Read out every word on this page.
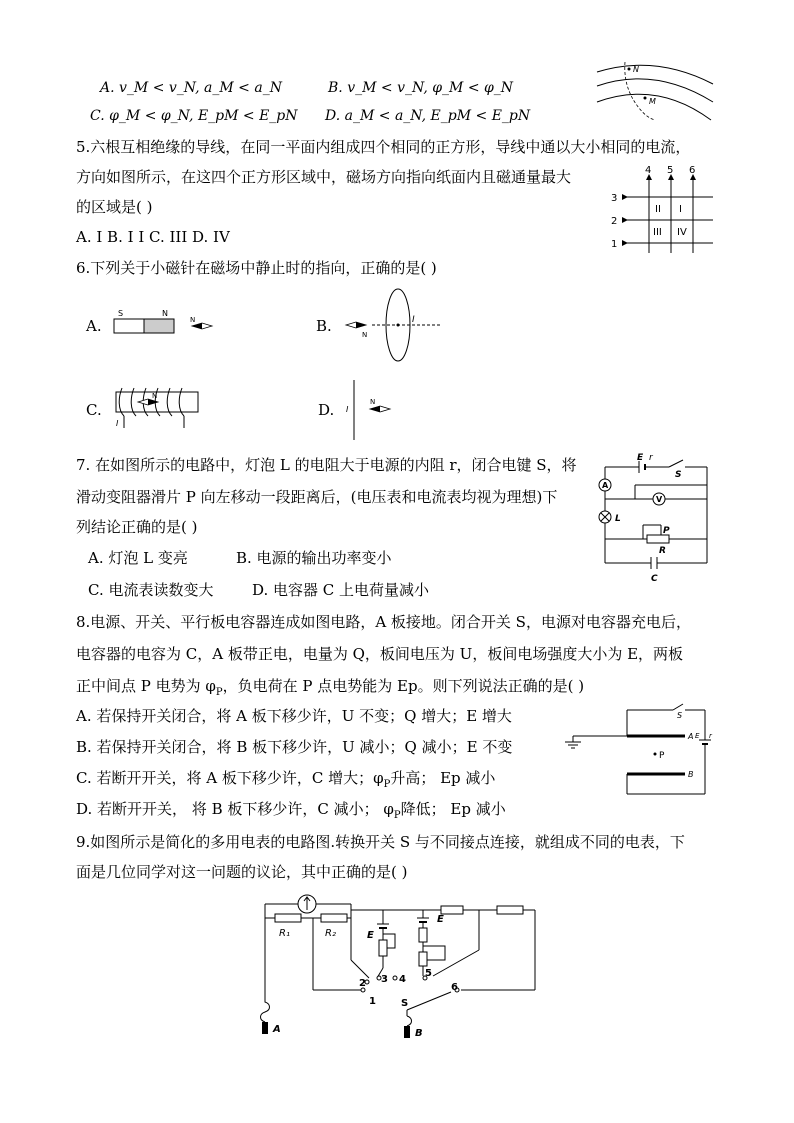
A. v_M < v_N, a_M < a_N	B. v_M < v_N, φ_M < φ_N
C. φ_M < φ_N, E_pM < E_pN D. a_M < a_N, E_pM < E_pN
N
M
5.六根互相绝缘的导线，在同一平面内组成四个相同的正方形，导线中通以大小相同的电流，
方向如图所示，在这四个正方形区域中，磁场方向指向纸面内且磁通量最大
的区域是( )
A. I B. I I C. III D. IV
4 5 6
3
2
1
II I
III IV
6.下列关于小磁针在磁场中静止时的指向，正确的是( )
A.
S	N
N	B.	N
I
C.
N
I
D. I
N
7. 在如图所示的电路中，灯泡 L 的电阻大于电源的内阻 r，闭合电键 S，将
滑动变阻器滑片 P 向左移动一段距离后，(电压表和电流表均视为理想)下
列结论正确的是( )
A. 灯泡 L 变亮	B. 电源的输出功率变小
C. 电流表读数变大	D. 电容器 C 上电荷量减小
E r
S
A
V
L
P
R
C
8.电源、开关、平行板电容器连成如图电路，A 板接地。闭合开关 S，电源对电容器充电后，
电容器的电容为 C，A 板带正电，电量为 Q，板间电压为 U，板间电场强度大小为 E，两板
正中间点 P 电势为 $\varphi_P$，负电荷在 P 点电势能为 Ep。则下列说法正确的是( )
A. 若保持开关闭合，将 A 板下移少许，U 不变；Q 增大；E 增大
B. 若保持开关闭合，将 B 板下移少许，U 减小；Q 减小；E 不变
C. 若断开开关，将 A 板下移少许，C 增大；$\varphi_P$升高； Ep 减小
D. 若断开开关， 将 B 板下移少许，C 减小； $\varphi_P$降低； Ep 减小
A
B
P
S
E r
9.如图所示是简化的多用电表的电路图.转换开关 S 与不同接点连接，就组成不同的电表，下
面是几位同学对这一问题的议论，其中正确的是( )
R₁	R₂	E
E
2
1
3 4
5
6
S
A	B
